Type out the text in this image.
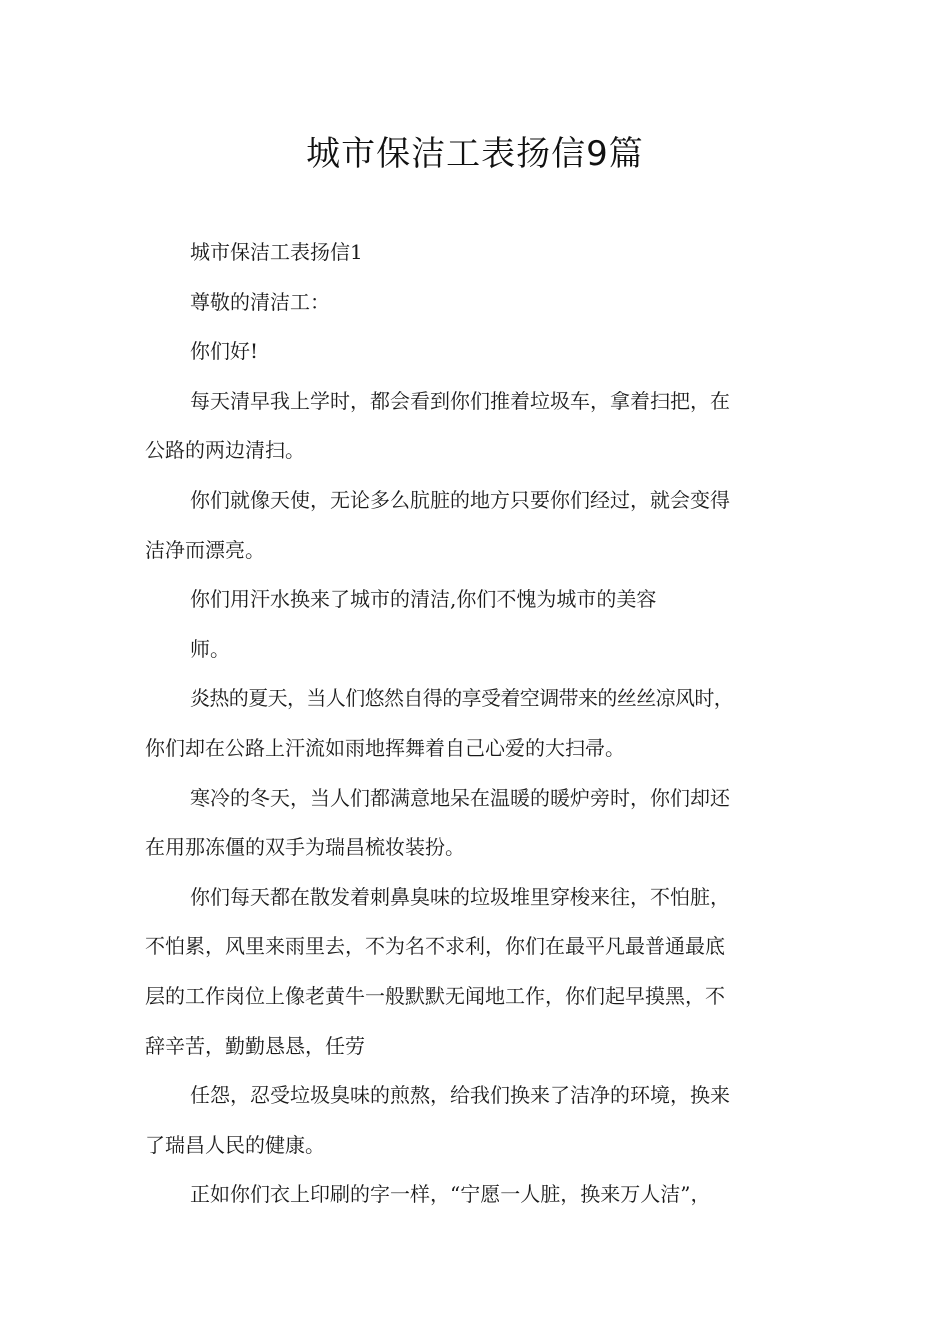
城市保洁工表扬信9篇
城市保洁工表扬信1
尊敬的清洁工：
你们好!
每天清早我上学时，都会看到你们推着垃圾车，拿着扫把，在
公路的两边清扫。
你们就像天使，无论多么肮脏的地方只要你们经过，就会变得
洁净而漂亮。
你们用汗水换来了城市的清洁,你们不愧为城市的美容
师。
炎热的夏天，当人们悠然自得的享受着空调带来的丝丝凉风时，
你们却在公路上汗流如雨地挥舞着自己心爱的大扫帚。
寒冷的冬天，当人们都满意地呆在温暖的暖炉旁时，你们却还
在用那冻僵的双手为瑞昌梳妆装扮。
你们每天都在散发着刺鼻臭味的垃圾堆里穿梭来往，不怕脏，
不怕累，风里来雨里去，不为名不求利，你们在最平凡最普通最底
层的工作岗位上像老黄牛一般默默无闻地工作，你们起早摸黑，不
辞辛苦，勤勤恳恳，任劳
任怨，忍受垃圾臭味的煎熬，给我们换来了洁净的环境，换来
了瑞昌人民的健康。
正如你们衣上印刷的字一样，“宁愿一人脏，换来万人洁”，
